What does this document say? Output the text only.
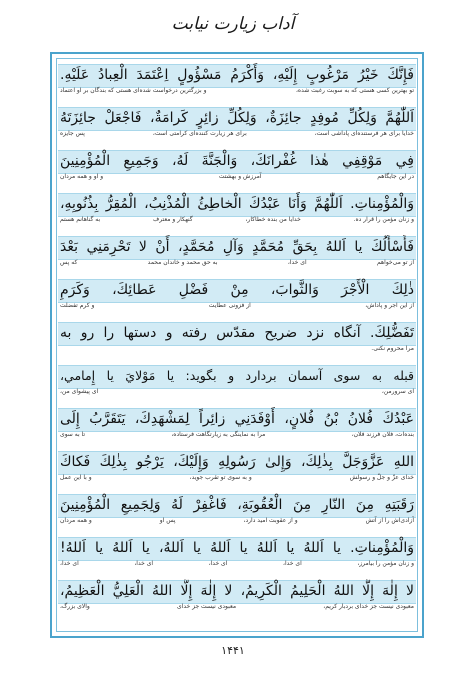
آداب زیارت نیابت
فَإِنَّكَ خَيْرُ مَرْغُوبٍ إِلَيْهِ، وَأَكْرَمُ مَسْؤُولٍ اِعْتَمَدَ الْعِبادُ عَلَيْهِ.
تو بهترین کسی هستی که به سوبت رغبت شده،
و بزرگترین درخواست شده‌ای هستی که بندگان بر او اعتماد
اَللّٰهُمَّ وَلِكُلِّ مُوفِدٍ جائِزَةٌ، وَلِكُلِّ زائِرٍ كَرامَةٌ، فَاجْعَلْ جائِزَتَهُ
خدایا برای هر فرستنده‌ای پاداشی است،
برای هر زیارت کننده‌ای کرامتی است،
پس جایزه
فِي مَوْقِفِي هٰذا غُفْرانَكَ، وَالْجَنَّةَ لَهُ، وَجَمِيعِ الْمُؤْمِنِينَ
در این جایگاهم
آمرزش و بهشتت
و او و همه مردان
وَالْمُؤْمِناتِ. اَللّٰهُمَّ وَأَنَا عَبْدُكَ الْخاطِئُ الْمُذْنِبُ، الْمُقِرُّ بِذُنُوبِهِ،
و زنان مؤمن را قرار ده.
خدایا من بنده خطاکار،
گنهکار و معترف
به گناهانم هستم
فَأَسْأَلُكَ يا اَللهُ بِحَقِّ مُحَمَّدٍ وَآلِ مُحَمَّدٍ، أَنْ لا تَحْرِمَنِي بَعْدَ
از تو می‌خواهم
ای خدا،
به حق محمد و خاندان محمد
که پس
ذٰلِكَ الْأَجْرَ وَالثَّوابَ، مِنْ فَضْلِ عَطائِكَ، وَكَرَمِ
از این اجر و پاداش،
از فزونی عطایت
و کرم تفضلت
تَفَضُّلِكَ. آنگاه نزد ضریح مقدّس رفته و دستها را رو به
مرا محروم نکنی.
قبله به سوی آسمان بردارد و بگوید: یا مَوْلايَ يا إِمامي،
ای سرورمن،
ای پیشوای من،
عَبْدُكَ فُلانُ بْنُ فُلانٍ، أَوْفَدَنِي زائِراً لِمَشْهَدِكَ، يَتَقَرَّبُ إِلَى
بنده‌ات، فلان فرزند فلان،
مرا به نماینگی به زیارتگاهت فرستاده،
تا به سوی
اللهِ عَزَّوَجَلَّ بِذٰلِكَ، وَإِلىٰ رَسُولِهِ وَإِلَيْكَ، يَرْجُو بِذٰلِكَ فَكاكَ
خدای عزّ و جلّ و رسولش
و به سوی تو تقرب جوید،
و با این عمل
رَقَبَتِهِ مِنَ النّارِ مِنَ الْعُقُوبَةِ، فَاغْفِرْ لَهُ وَلِجَمِيعِ الْمُؤْمِنِينَ
آزادی‌اش را از آتش
و از عقوبت امید دارد،
پس او
و همه مردان
وَالْمُؤْمِناتِ. يا اَللهُ يا اَللهُ يا اَللهُ يا اَللهُ، يا اَللهُ يا اَللهُ!
و زنان مؤمن را بیامرز،
ای خدا،
ای خدا،
ای خدا،
ای خدا،
لا إِلٰهَ إِلَّا اللهُ الْحَلِيمُ الْكَرِيمُ، لا إِلٰهَ إِلَّا اللهُ الْعَلِيُّ الْعَظِيمُ،
معبودی نیست جز خدای بردبار کریم،
معبودی نیست جز خدای
والای بزرگ،
۱۴۴۱
